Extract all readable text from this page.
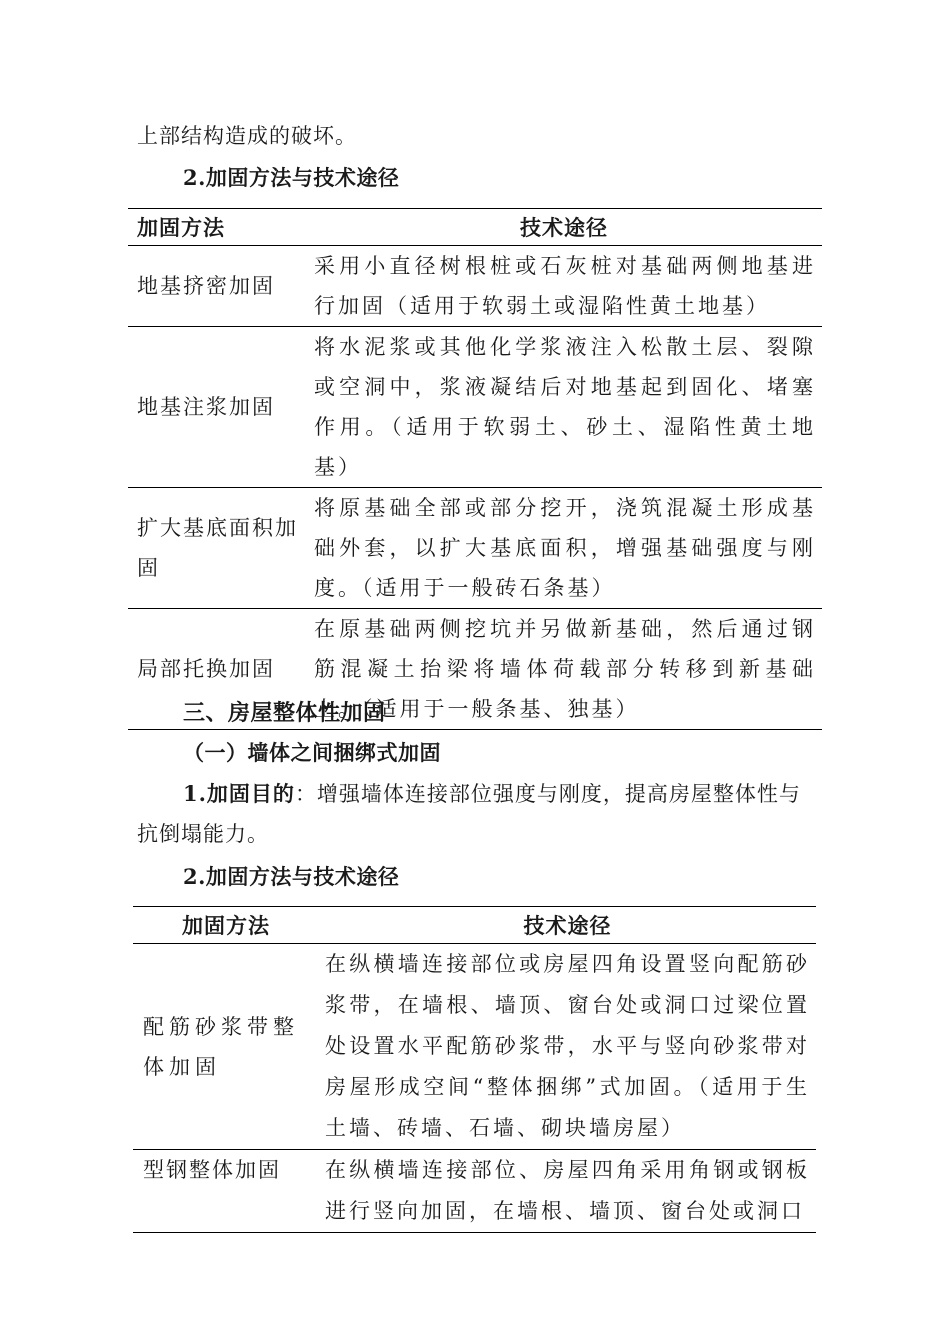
上部结构造成的破坏。

2.加固方法与技术途径

加固方法	技术途径
地基挤密加固	采用小直径树根桩或石灰桩对基础两侧地基进行加固（适用于软弱土或湿陷性黄土地基）
地基注浆加固	将水泥浆或其他化学浆液注入松散土层、裂隙或空洞中，浆液凝结后对地基起到固化、堵塞作用。（适用于软弱土、砂土、湿陷性黄土地基）
扩大基底面积加固	将原基础全部或部分挖开，浇筑混凝土形成基础外套，以扩大基底面积，增强基础强度与刚度。（适用于一般砖石条基）
局部托换加固	在原基础两侧挖坑并另做新基础，然后通过钢筋混凝土抬梁将墙体荷载部分转移到新基础上。（适用于一般条基、独基）

三、房屋整体性加固

（一）墙体之间捆绑式加固

1.加固目的：增强墙体连接部位强度与刚度，提高房屋整体性与抗倒塌能力。

2.加固方法与技术途径

加固方法	技术途径
配筋砂浆带整体加固	在纵横墙连接部位或房屋四角设置竖向配筋砂浆带，在墙根、墙顶、窗台处或洞口过梁位置处设置水平配筋砂浆带，水平与竖向砂浆带对房屋形成空间“整体捆绑”式加固。（适用于生土墙、砖墙、石墙、砌块墙房屋）
型钢整体加固	在纵横墙连接部位、房屋四角采用角钢或钢板进行竖向加固，在墙根、墙顶、窗台处或洞口
